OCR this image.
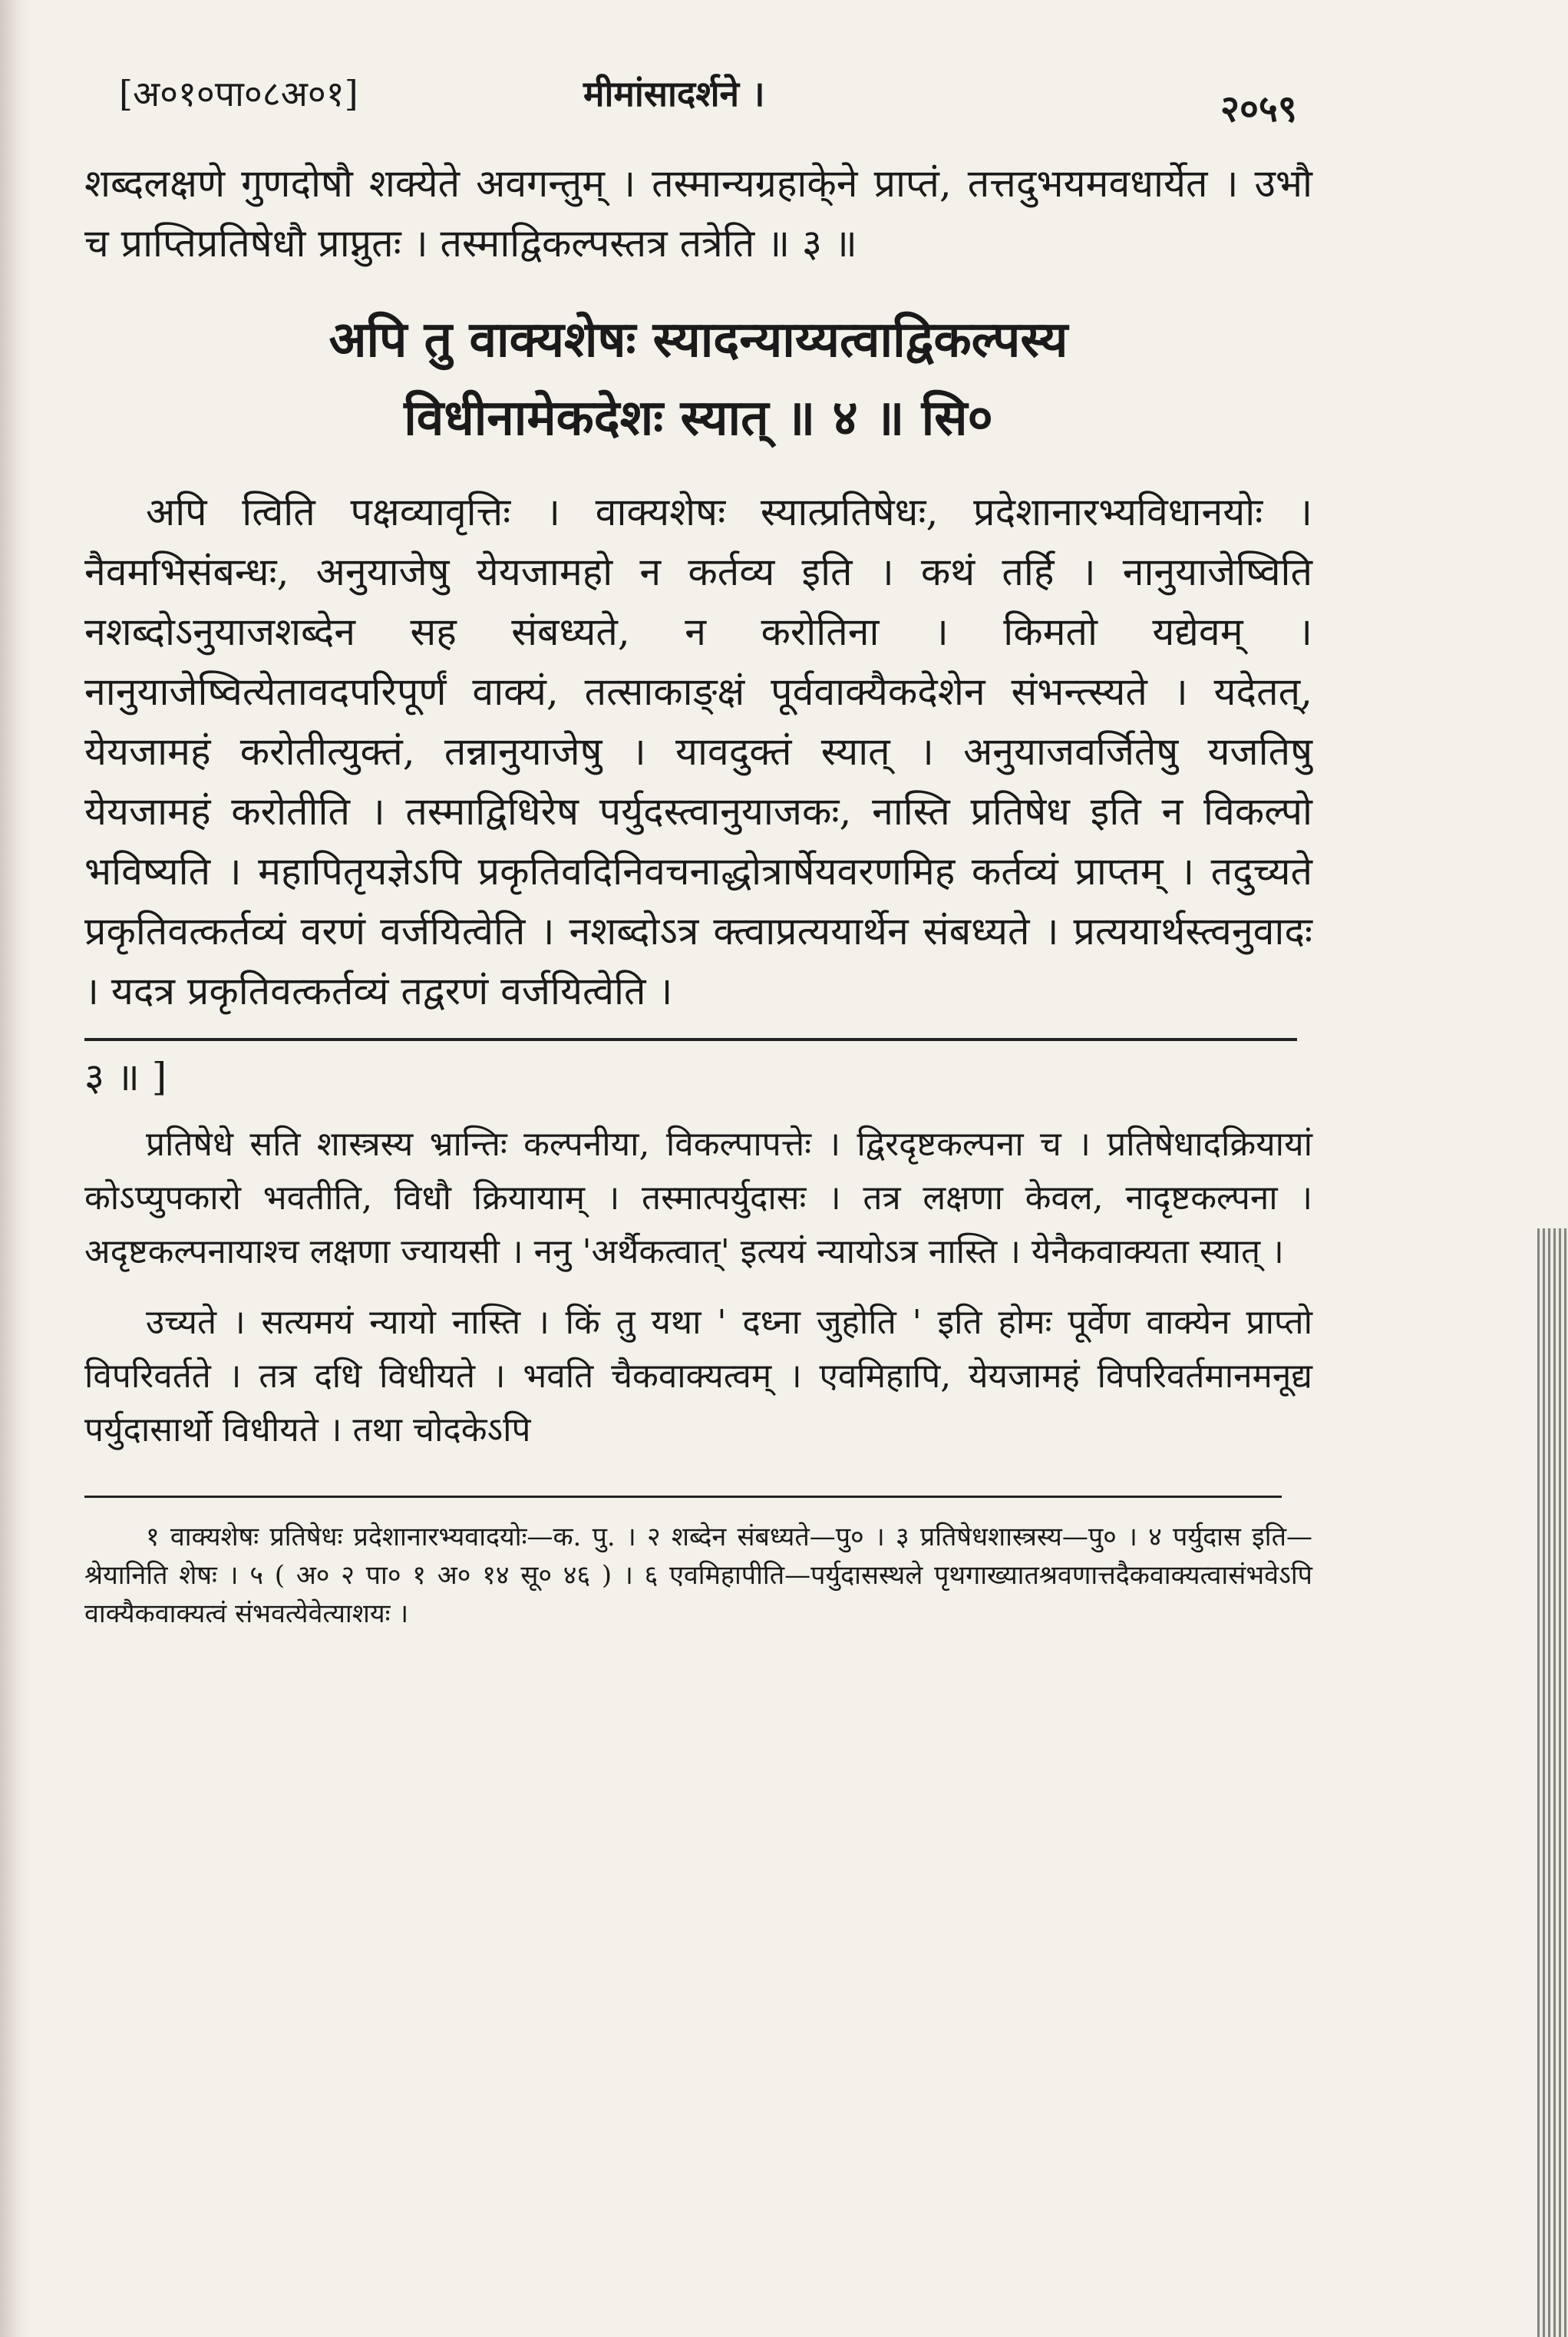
[अ०१०पा०८अ०१]	मीमांसादर्शने ।	२०५९

शब्दलक्षणे गुणदोषौ शक्येते अवगन्तुम् । तस्मान्यग्रहाके्ने प्राप्तं, तत्तदुभयमवधार्येत । उभौ च प्राप्तिप्रतिषेधौ प्राप्नुतः । तस्माद्विकल्पस्तत्र तत्रेति ॥ ३ ॥

अपि तु वाक्यशेषः स्यादन्याय्यत्वाद्विकल्पस्य
विधीनामेकदेशः स्यात् ॥ ४ ॥ सि०

अपि त्विति पक्षव्यावृत्तिः । वाक्यशेषः स्यात्प्रतिषेधः, प्रदेशानारभ्यविधानयोः । नैवमभिसंबन्धः, अनुयाजेषु येयजामहो न कर्तव्य इति । कथं तर्हि । नानुयाजेष्विति नशब्दोऽनुयाजशब्देन सह संबध्यते, न करोतिना । किमतो यद्येवम् । नानुयाजेष्वित्येतावदपरिपूर्णं वाक्यं, तत्साकाङ्क्षं पूर्ववाक्यैकदेशेन संभन्त्स्यते । यदेतत्, येयजामहं करोतीत्युक्तं, तन्नानुयाजेषु । यावदुक्तं स्यात् । अनुयाजवर्जितेषु यजतिषु येयजामहं करोतीति । तस्माद्विधिरेष पर्युदस्त्वानुयाजकः, नास्ति प्रतिषेध इति न विकल्पो भविष्यति । महापितृयज्ञेऽपि प्रकृतिवदिनिवचनाद्धोत्रार्षेयवरणमिह कर्तव्यं प्राप्तम् । तदुच्यते प्रकृतिवत्कर्तव्यं वरणं वर्जयित्वेति । नशब्दोऽत्र क्त्वाप्रत्ययार्थेन संबध्यते । प्रत्ययार्थस्त्वनुवादः । यदत्र प्रकृतिवत्कर्तव्यं तद्वरणं वर्जयित्वेति ।

३ ॥ ]

प्रतिषेधे सति शास्त्रस्य भ्रान्तिः कल्पनीया, विकल्पापत्तेः । द्विरदृष्टकल्पना च । प्रतिषेधादक्रियायां कोऽप्युपकारो भवतीति, विधौ क्रियायाम् । तस्मात्पर्युदासः । तत्र लक्षणा केवल, नादृष्टकल्पना । अदृष्टकल्पनायाश्च लक्षणा ज्यायसी । ननु 'अर्थैकत्वात्' इत्ययं न्यायोऽत्र नास्ति । येनैकवाक्यता स्यात् ।

उच्यते । सत्यमयं न्यायो नास्ति । किं तु यथा ' दध्ना जुहोति ' इति होमः पूर्वेण वाक्येन प्राप्तो विपरिवर्तते । तत्र दधि विधीयते । भवति चैकवाक्यत्वम् । एवमिहापि, येयजामहं विपरिवर्तमानमनूद्य पर्युदासार्थो विधीयते । तथा चोदकेऽपि

१ वाक्यशेषः प्रतिषेधः प्रदेशानारभ्यवादयोः—क. पु. । २ शब्देन संबध्यते—पु० । ३ प्रतिषेधशास्त्रस्य—पु० । ४ पर्युदास इति—श्रेयानिति शेषः । ५ ( अ० २ पा० १ अ० १४ सू० ४६ ) । ६ एवमिहापीति—पर्युदासस्थले पृथगाख्यातश्रवणात्तदैकवाक्यत्वासंभवेऽपि वाक्यैकवाक्यत्वं संभवत्येवेत्याशयः ।
